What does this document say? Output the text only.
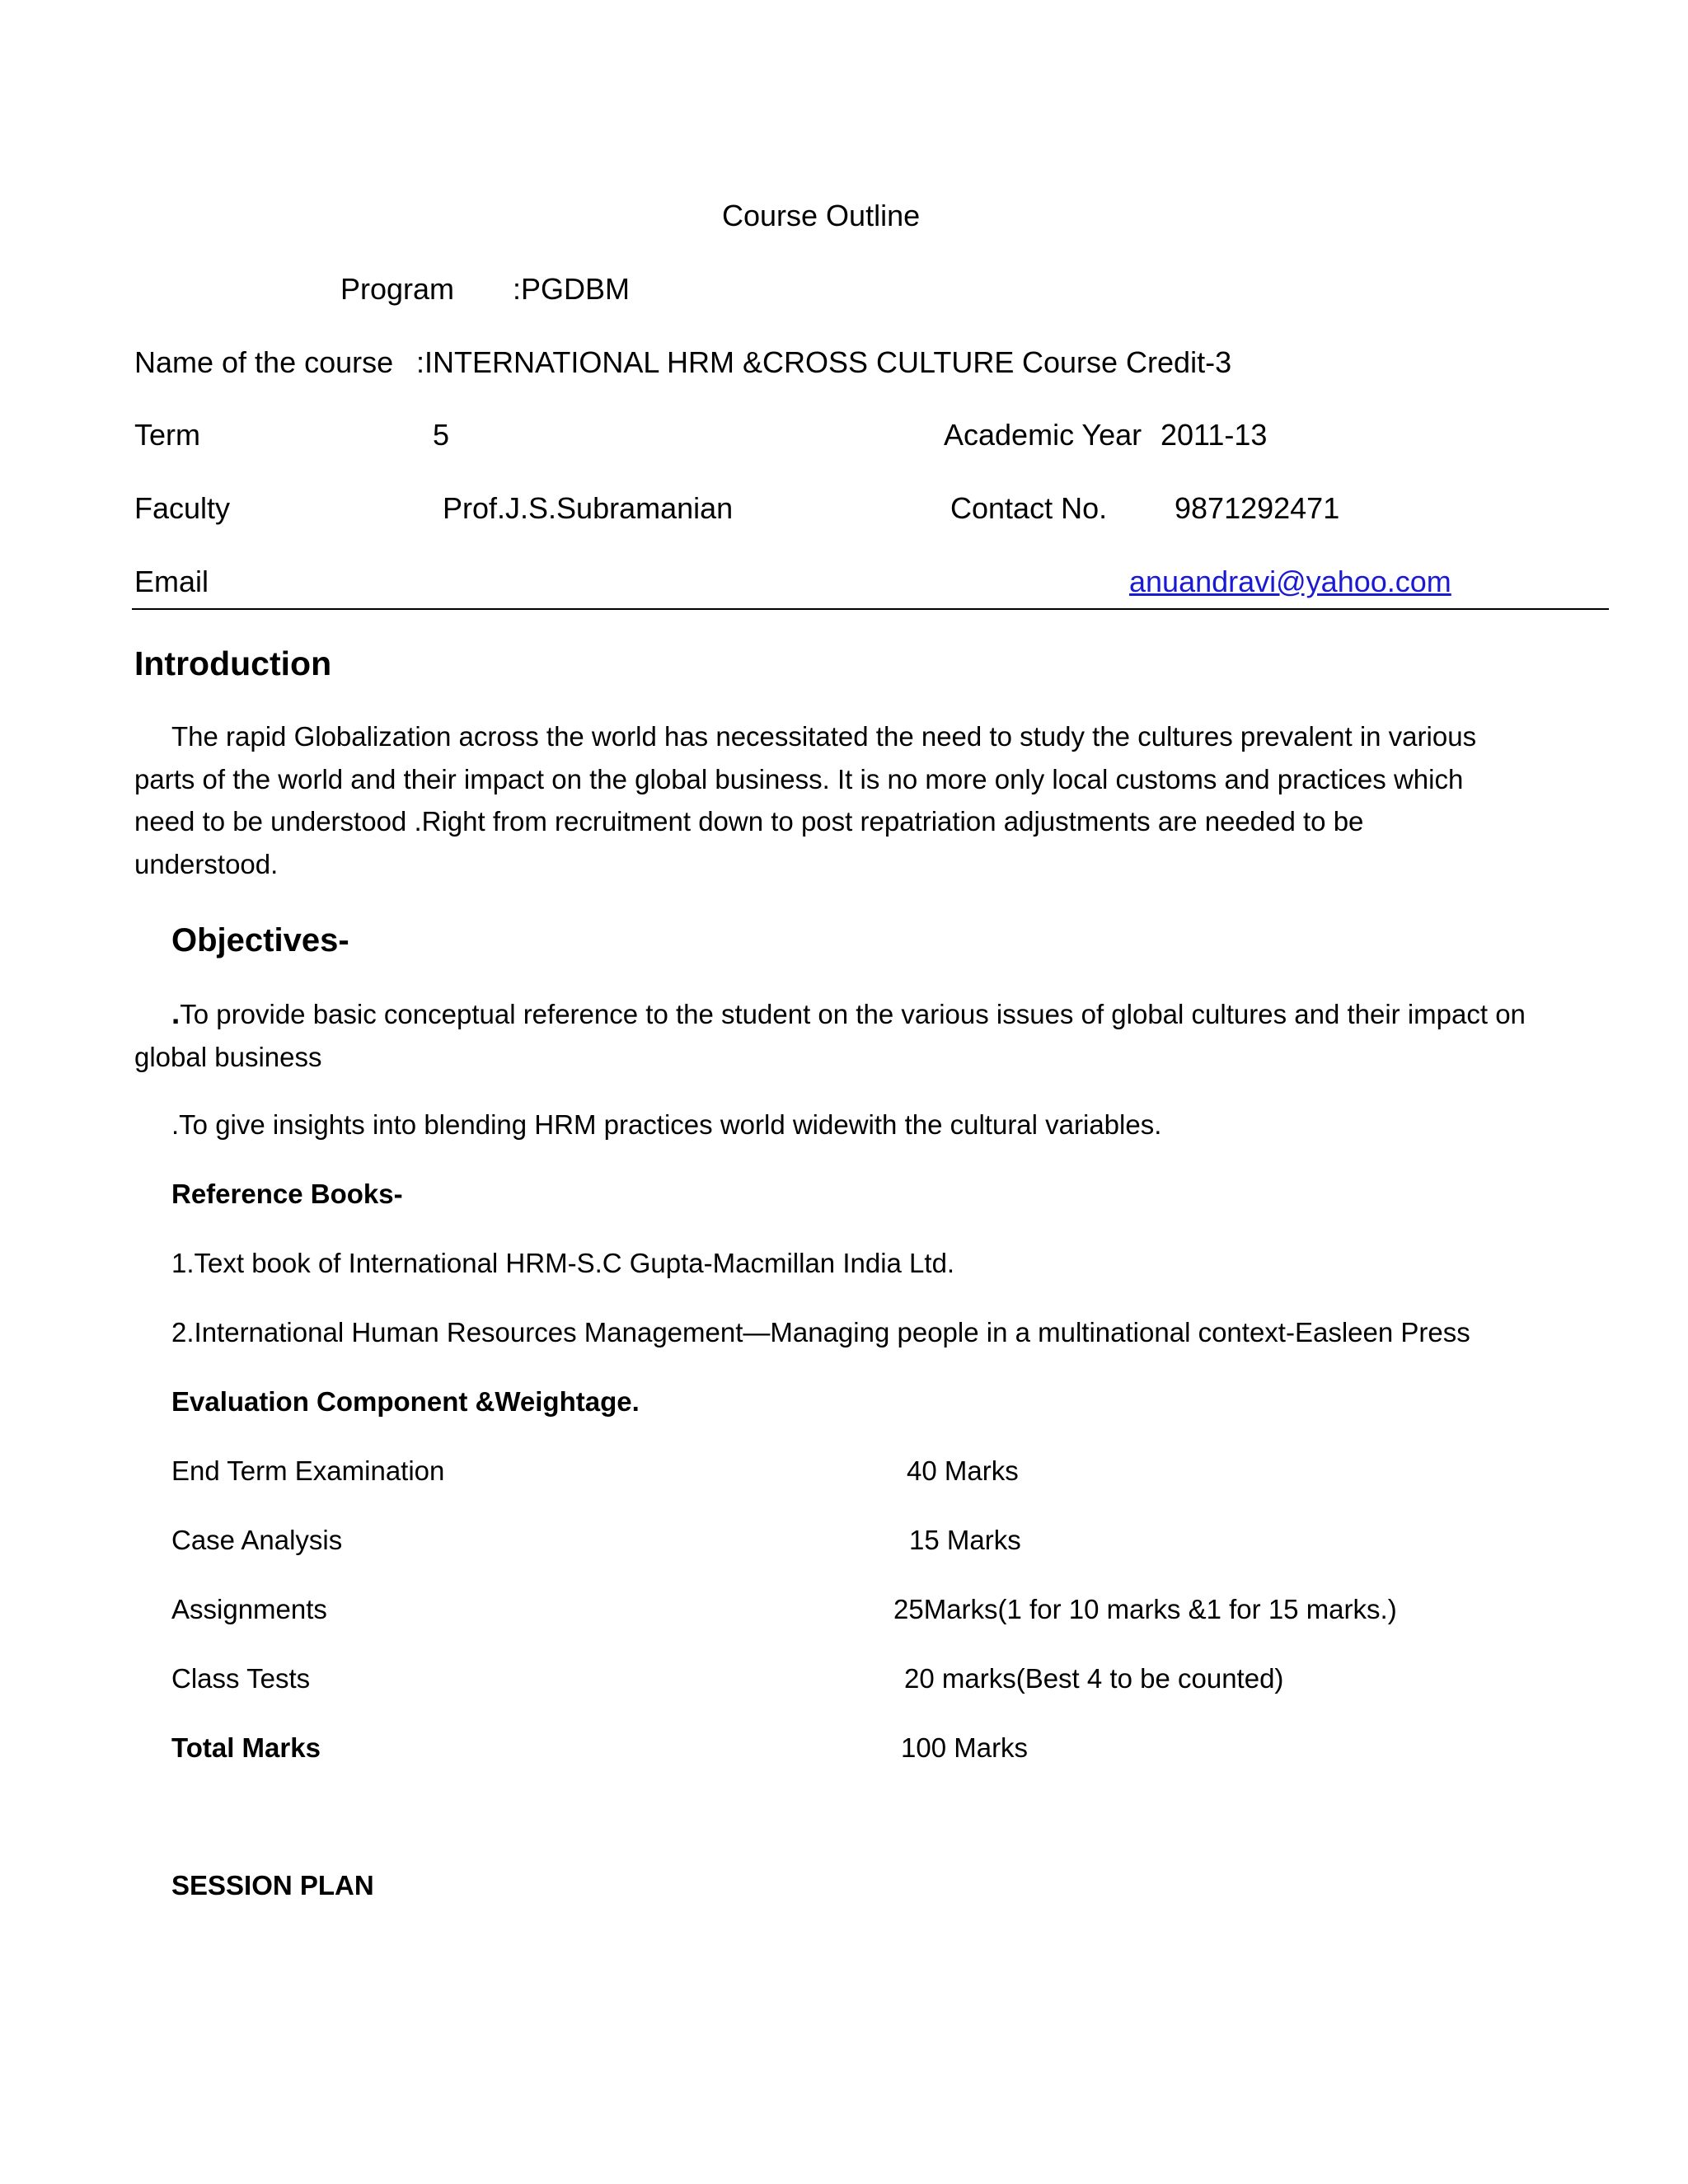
Course Outline
Program :PGDBM
Name of the course :INTERNATIONAL HRM &CROSS CULTURE Course Credit-3
Term	5	Academic Year 2011-13
Faculty	Prof.J.S.Subramanian	Contact No. 9871292471
Email	anuandravi@yahoo.com
Introduction
The rapid Globalization across the world has necessitated the need to study the cultures prevalent in various
parts of the world and their impact on the global business. It is no more only local customs and practices which
need to be understood .Right from recruitment down to post repatriation adjustments are needed to be
understood.
Objectives-
.To provide basic conceptual reference to the student on the various issues of global cultures and their impact on
global business
.To give insights into blending HRM practices world widewith the cultural variables.
Reference Books-
1.Text book of International HRM-S.C Gupta-Macmillan India Ltd.
2.International Human Resources Management—Managing people in a multinational context-Easleen Press
Evaluation Component &Weightage.
End Term Examination	40 Marks
Case Analysis	15 Marks
Assignments	25Marks(1 for 10 marks &1 for 15 marks.)
Class Tests	20 marks(Best 4 to be counted)
Total Marks	100 Marks
SESSION PLAN
